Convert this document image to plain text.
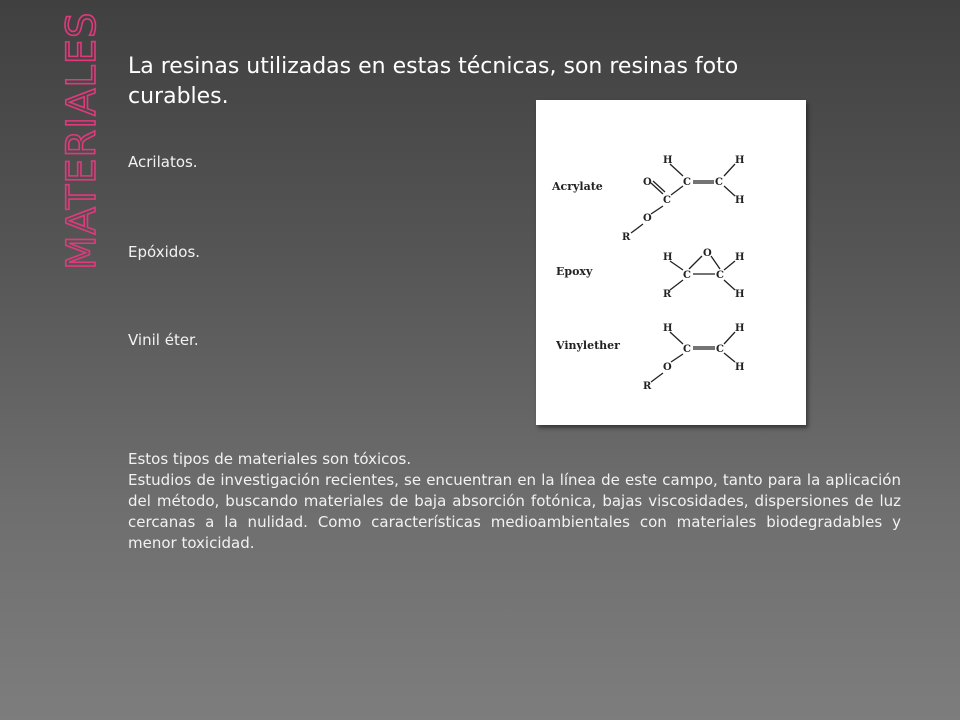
MATERIALES La resinas utilizadas en estas técnicas, son resinas foto curables.
Acrilatos.
Epóxidos.
Vinil éter.
Acrylate
H	H
O	C C
C	H
O
R
Epoxy
O
H	H
C	C
R	H
Vinylether
H	H
C	C
O	H
R
Estos tipos de materiales son tóxicos.
Estudios de investigación recientes, se encuentran en la línea de este campo, tanto para la aplicación del método, buscando materiales de baja absorción fotónica, bajas viscosidades, dispersiones de luz cercanas a la nulidad. Como características medioambientales con materiales biodegradables y menor toxicidad.
